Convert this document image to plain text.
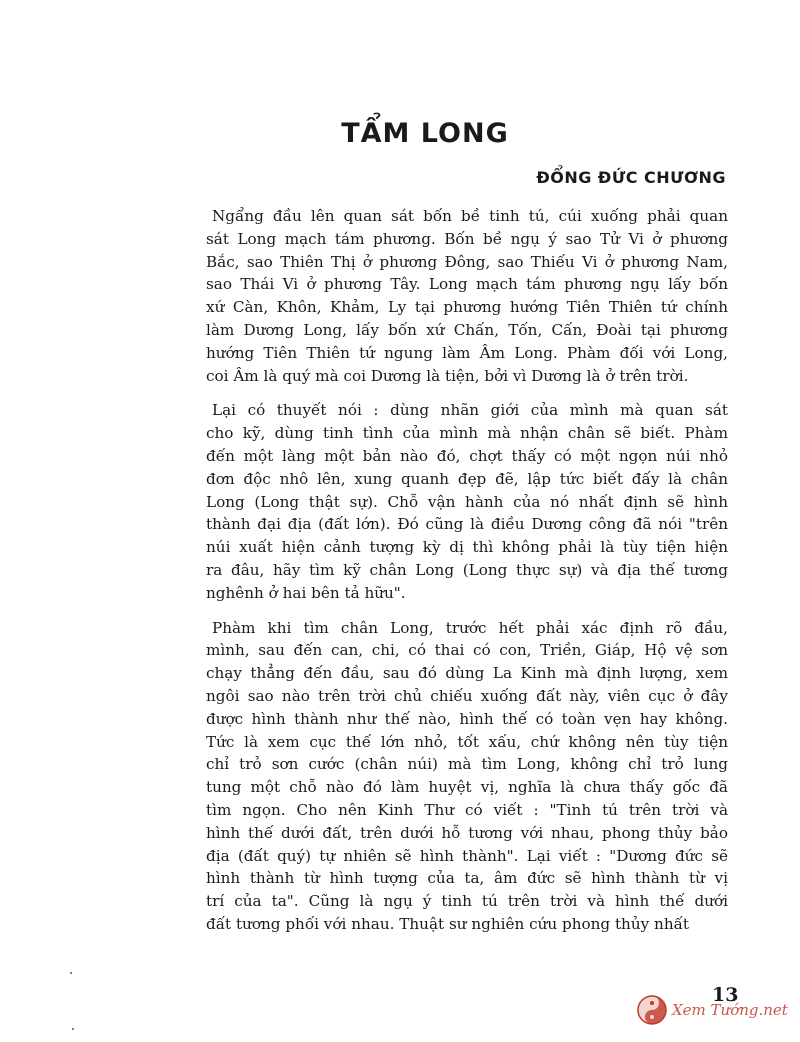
TẨM LONG
ĐỔNG ĐỨC CHƯƠNG
Ngẩng đầu lên quan sát bốn bề tinh tú, cúi xuống phải quan
sát Long mạch tám phương. Bốn bề ngụ ý sao Tử Vi ở phương
Bắc, sao Thiên Thị ở phương Đông, sao Thiếu Vi ở phương Nam,
sao Thái Vi ở phương Tây. Long mạch tám phương ngụ lấy bốn
xứ Càn, Khôn, Khảm, Ly tại phương hướng Tiên Thiên tứ chính
làm Dương Long, lấy bốn xứ Chấn, Tốn, Cấn, Đoài tại phương
hướng Tiên Thiên tứ ngung làm Âm Long. Phàm đối với Long,
coi Âm là quý mà coi Dương là tiện, bởi vì Dương là ở trên trời.
Lại có thuyết nói : dùng nhãn giới của mình mà quan sát
cho kỹ, dùng tinh tình của mình mà nhận chân sẽ biết. Phàm
đến một làng một bản nào đó, chợt thấy có một ngọn núi nhỏ
đơn độc nhô lên, xung quanh đẹp đẽ, lập tức biết đấy là chân
Long (Long thật sự). Chỗ vận hành của nó nhất định sẽ hình
thành đại địa (đất lớn). Đó cũng là điều Dương công đã nói "trên
núi xuất hiện cảnh tượng kỳ dị thì không phải là tùy tiện hiện
ra đâu, hãy tìm kỹ chân Long (Long thực sự) và địa thế tương
nghênh ở hai bên tả hữu".
Phàm khi tìm chân Long, trước hết phải xác định rõ đầu,
mình, sau đến can, chi, có thai có con, Triền, Giáp, Hộ vệ sơn
chạy thẳng đến đầu, sau đó dùng La Kinh mà định lượng, xem
ngôi sao nào trên trời chủ chiếu xuống đất này, viên cục ở đây
được hình thành như thế nào, hình thế có toàn vẹn hay không.
Tức là xem cục thế lớn nhỏ, tốt xấu, chứ không nên tùy tiện
chỉ trỏ sơn cước (chân núi) mà tìm Long, không chỉ trỏ lung
tung một chỗ nào đó làm huyệt vị, nghĩa là chưa thấy gốc đã
tìm ngọn. Cho nên Kinh Thư có viết : "Tinh tú trên trời và
hình thế dưới đất, trên dưới hỗ tương với nhau, phong thủy bảo
địa (đất quý) tự nhiên sẽ hình thành". Lại viết : "Dương đức sẽ
hình thành từ hình tượng của ta, âm đức sẽ hình thành từ vị
trí của ta". Cũng là ngụ ý tinh tú trên trời và hình thế dưới
đất tương phối với nhau. Thuật sư nghiên cứu phong thủy nhất
13
Xem Tướng.net
